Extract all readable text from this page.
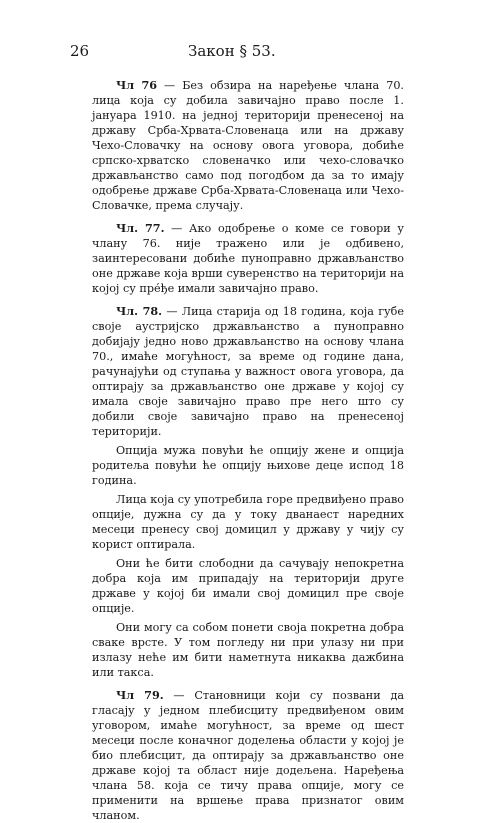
26	Закон § 53.

Чл 76 — Без обзира на наређење члана 70. лица која су добила завичајно право после 1. јануара 1910. на једној територији пренесеној на државу Срба-Хрвата-Словенаца или на државу Чехо-Словачку на основу овога уговора, добиће српско-хрватско словеначко или чехо-словачко држављанство само под погодбом да за то имају одобрење државе Срба-Хрвата-Словенаца или Чехо-Словачке, према случају.

Чл. 77. — Ако одобрење о коме се говори у члану 76. није тражено или је одбивено, заинтересовани добиће пуноправно држављанство оне државе која врши суверенство на територији на којој су пре́ђе имали завичајно право.

Чл. 78. — Лица старија од 18 година, која губе своје аустријско држављанство а пуноправно добијају једно ново држављанство на основу члана 70., имаће могућност, за време од године дана, рачунајући од ступања у важност овога уговора, да оптирају за држављанство оне државе у којој су имала своје завичајно право пре него што су добили своје завичајно право на пренесеној територији.

Опција мужа повући ће опцију жене и опција родитеља повући ће опцију њихове деце испод 18 година.

Лица која су употребила горе предвиђено право опције, дужна су да у току дванаест наредних месеци пренесу свој домицил у државу у чију су корист оптирала.

Они ће бити слободни да сачувају непокретна добра која им припадају на територији друге државе у којој би имали свој домицил пре своје опције.

Они могу са собом понети своја покретна добра сваке врсте. У том погледу ни при улазу ни при излазу неће им бити наметнута никаква дажбина или такса.

Чл 79. — Становници који су позвани да гласају у једном плебисциту предвиђеном овим уговором, имаће могућност, за време од шест месеци после коначног доделења области у којој је био плебисцит, да оптирају за држављанство оне државе којој та област није додељена. Наређења члана 58. која се тичу права опције, могу се применити на вршење права признатог овим чланом.
